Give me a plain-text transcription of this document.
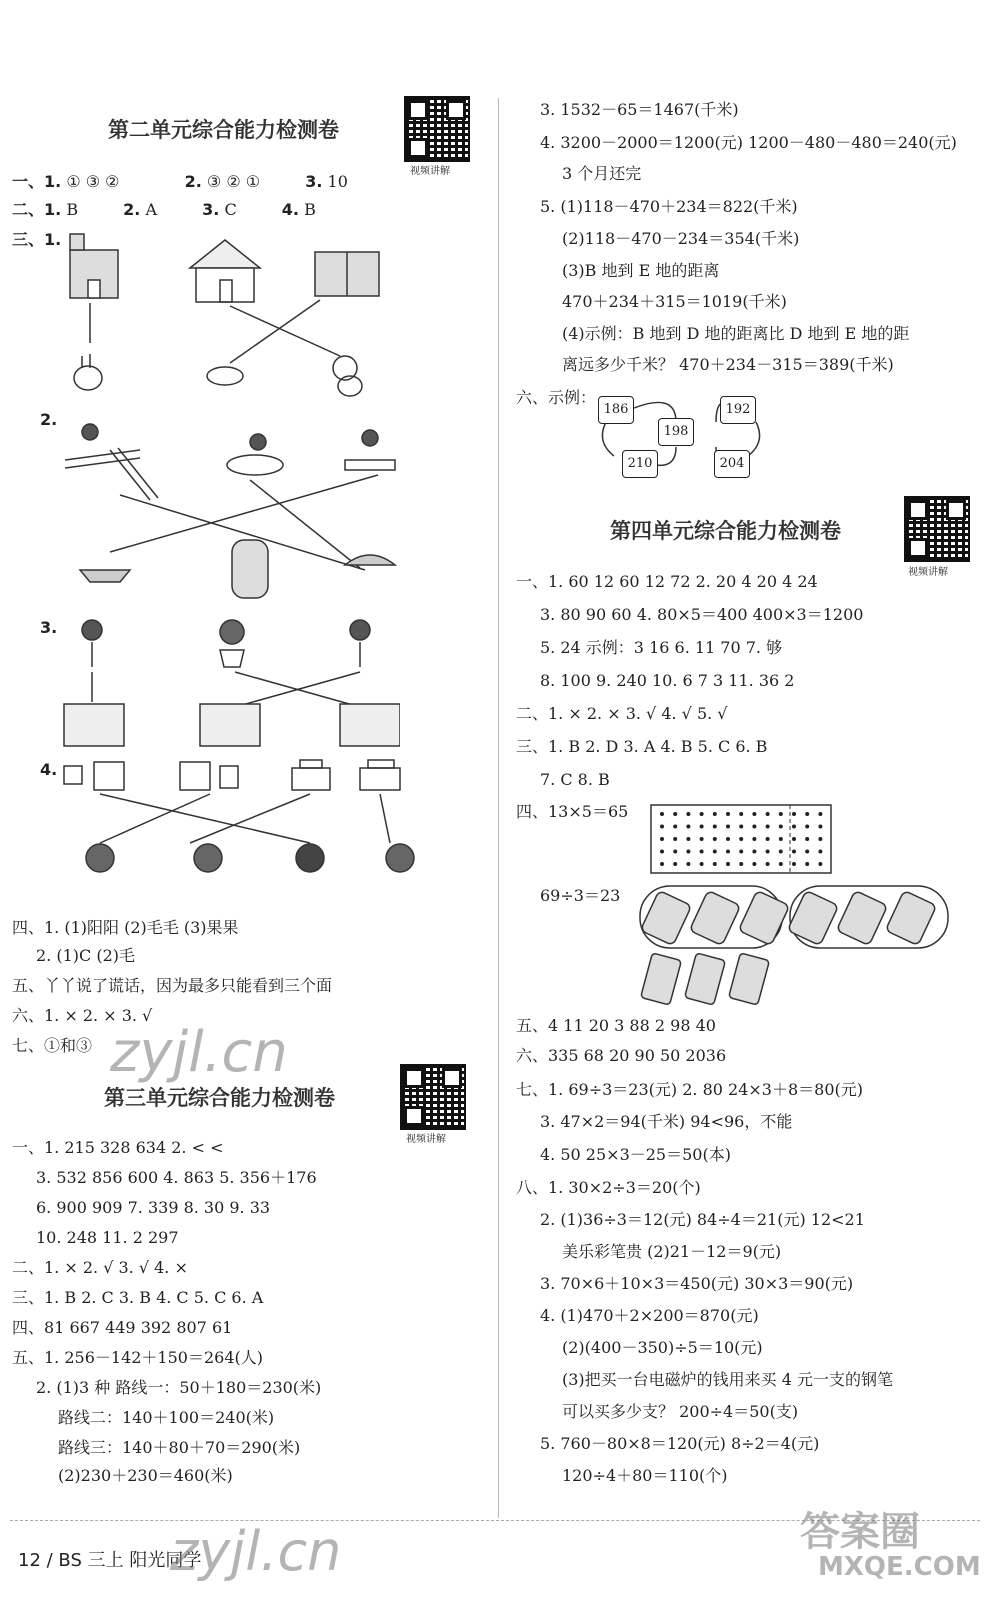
第二单元综合能力检测卷
视频讲解
一、1. ① ③ ②	2. ③ ② ①	3. 10
二、1. B	2. A	3. C	4. B
三、1.
2.
3.
4.
四、1. (1)阳阳 (2)毛毛 (3)果果
2. (1)C (2)毛
五、丫丫说了谎话，因为最多只能看到三个面
六、1. × 2. × 3. √
七、①和③
第三单元综合能力检测卷
视频讲解
一、1. 215 328 634 2. < <
3. 532 856 600 4. 863 5. 356＋176
6. 900 909 7. 339 8. 30 9. 33
10. 248 11. 2 297
二、1. × 2. √ 3. √ 4. ×
三、1. B 2. C 3. B 4. C 5. C 6. A
四、81 667 449 392 807 61
五、1. 256－142＋150＝264(人)
2. (1)3 种 路线一：50＋180＝230(米)
路线二：140＋100＝240(米)
路线三：140＋80＋70＝290(米)
(2)230＋230＝460(米)
3. 1532－65＝1467(千米)
4. 3200－2000＝1200(元) 1200－480－480＝240(元)
3 个月还完
5. (1)118－470＋234＝822(千米)
(2)118－470－234＝354(千米)
(3)B 地到 E 地的距离
470＋234＋315＝1019(千米)
(4)示例：B 地到 D 地的距离比 D 地到 E 地的距
离远多少千米？ 470＋234－315＝389(千米)
六、示例：
186	192
198
210	204
第四单元综合能力检测卷
视频讲解
一、1. 60 12 60 12 72 2. 20 4 20 4 24
3. 80 90 60 4. 80×5＝400 400×3＝1200
5. 24 示例：3 16 6. 11 70 7. 够
8. 100 9. 240 10. 6 7 3 11. 36 2
二、1. × 2. × 3. √ 4. √ 5. √
三、1. B 2. D 3. A 4. B 5. C 6. B
7. C 8. B
四、13×5＝65
69÷3＝23
五、4 11 20 3 88 2 98 40
六、335 68 20 90 50 2036
七、1. 69÷3＝23(元) 2. 80 24×3＋8＝80(元)
3. 47×2＝94(千米) 94<96，不能
4. 50 25×3－25＝50(本)
八、1. 30×2÷3＝20(个)
2. (1)36÷3＝12(元) 84÷4＝21(元) 12<21
美乐彩笔贵 (2)21－12＝9(元)
3. 70×6＋10×3＝450(元) 30×3＝90(元)
4. (1)470＋2×200＝870(元)
(2)(400－350)÷5＝10(元)
(3)把买一台电磁炉的钱用来买 4 元一支的钢笔
可以买多少支？ 200÷4＝50(支)
5. 760－80×8＝120(元) 8÷2＝4(元)
120÷4＋80＝110(个)
12 / BS 三上 阳光同学
zyjl.cn
zyjl.cn	答案圈
MXQE.COM
